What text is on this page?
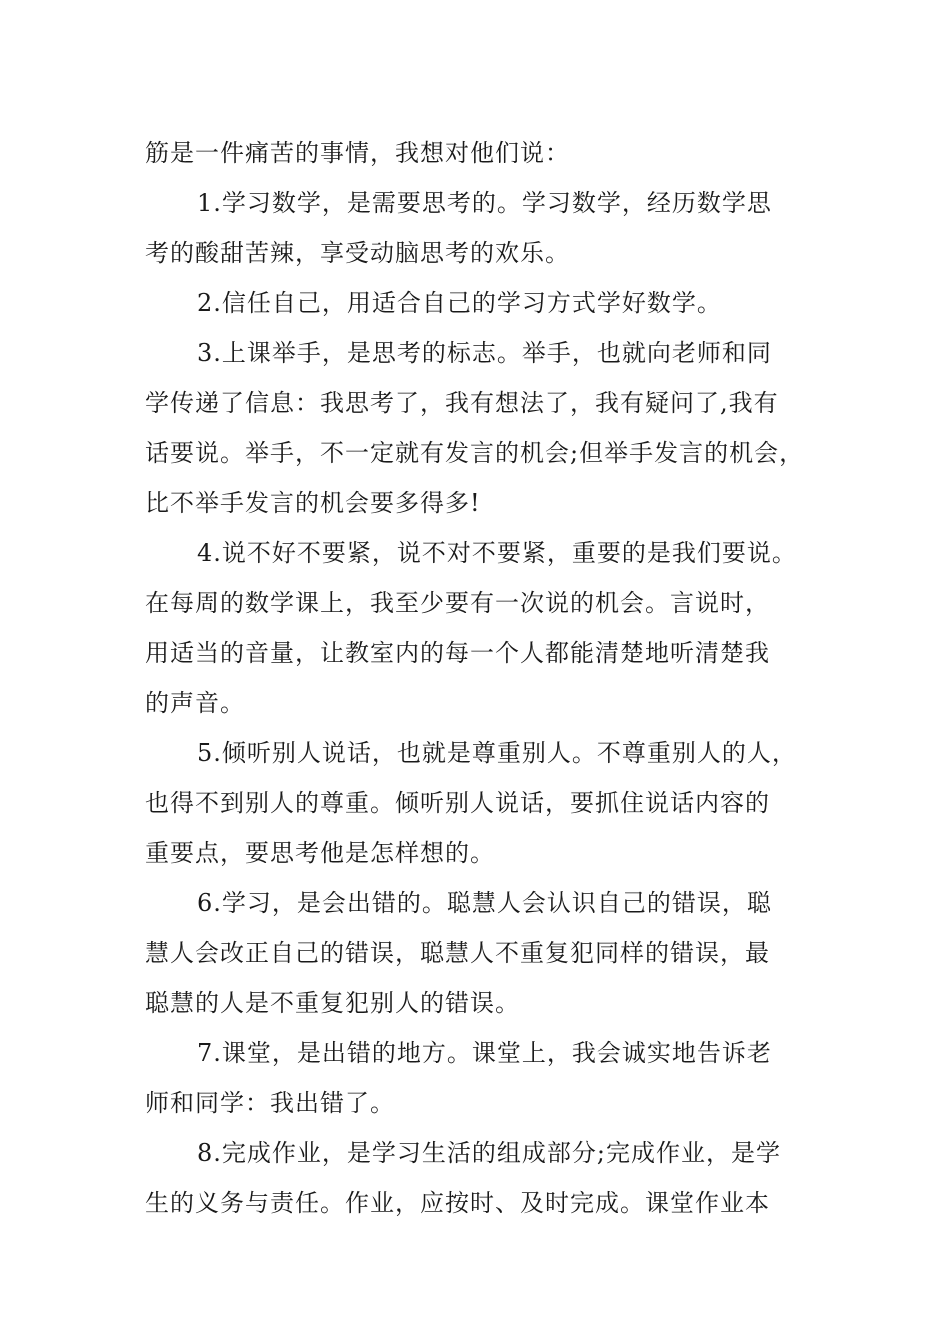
筋是一件痛苦的事情，我想对他们说：

1.学习数学，是需要思考的。学习数学，经历数学思
考的酸甜苦辣，享受动脑思考的欢乐。

2.信任自己，用适合自己的学习方式学好数学。

3.上课举手，是思考的标志。举手，也就向老师和同
学传递了信息：我思考了，我有想法了，我有疑问了,我有
话要说。举手，不一定就有发言的机会;但举手发言的机会，
比不举手发言的机会要多得多!

4.说不好不要紧，说不对不要紧，重要的是我们要说。
在每周的数学课上，我至少要有一次说的机会。言说时，
用适当的音量，让教室内的每一个人都能清楚地听清楚我
的声音。

5.倾听别人说话，也就是尊重别人。不尊重别人的人，
也得不到别人的尊重。倾听别人说话，要抓住说话内容的
重要点，要思考他是怎样想的。

6.学习，是会出错的。聪慧人会认识自己的错误，聪
慧人会改正自己的错误，聪慧人不重复犯同样的错误，最
聪慧的人是不重复犯别人的错误。

7.课堂，是出错的地方。课堂上，我会诚实地告诉老
师和同学：我出错了。

8.完成作业，是学习生活的组成部分;完成作业，是学
生的义务与责任。作业，应按时、及时完成。课堂作业本
